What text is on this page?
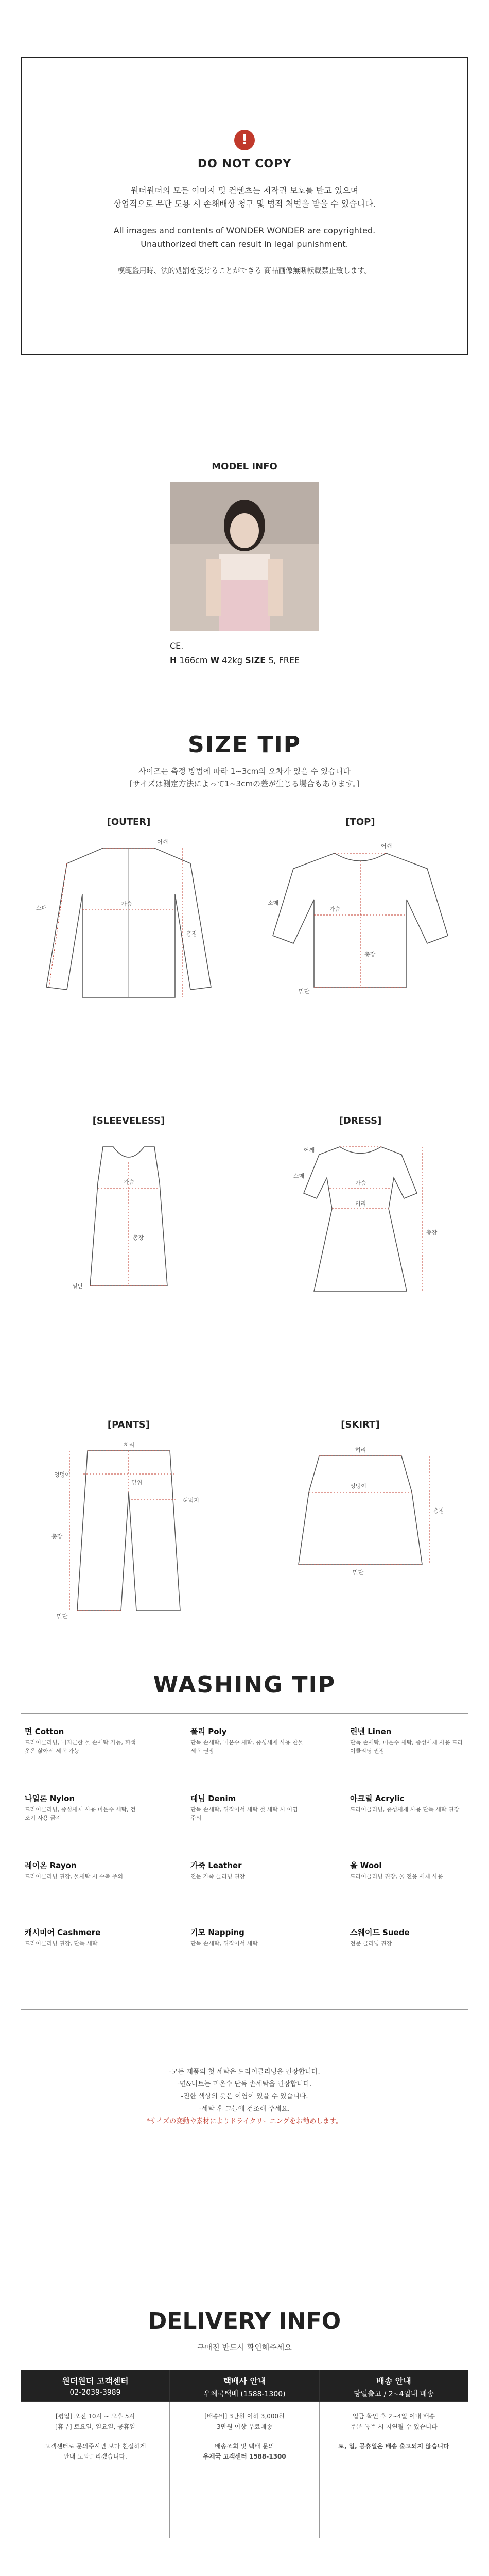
!
DO NOT COPY
원더원더의 모든 이미지 및 컨텐츠는 저작권 보호를 받고 있으며
상업적으로 무단 도용 시 손해배상 청구 및 법적 처벌을 받을 수 있습니다.
All images and contents of WONDER WONDER are copyrighted.
Unauthorized theft can result in legal punishment.
模範盗用時、法的処罰を受けることができる 商品画像無断転載禁止致します。
MODEL INFO
CE.
H 166cm W 42kg SIZE S, FREE
SIZE TIP
사이즈는 측정 방법에 따라 1~3cm의 오차가 있을 수 있습니다
[サイズは測定方法によって1~3cmの差が生じる場合もあります。]
[OUTER]
어깨
소매
가슴
총장
[TOP]
어깨
소매
가슴
총장
밑단
[SLEEVELESS]
가슴
총장
밑단
[DRESS]
어깨
소매
가슴
허리
총장
[PANTS]
허리
밑위
엉덩이
허벅지
총장
밑단
[SKIRT]
허리
엉덩이
총장
밑단
WASHING TIP
면 Cotton
드라이클리닝, 미지근한 물 손세탁 가능, 흰색 옷은 삶아서 세탁 가능
폴리 Poly
단독 손세탁, 미온수 세탁, 중성세제 사용 찬물 세탁 권장
린넨 Linen
단독 손세탁, 미온수 세탁, 중성세제 사용 드라이클리닝 권장
나일론 Nylon
드라이클리닝, 중성세제 사용 미온수 세탁, 건조기 사용 금지
데님 Denim
단독 손세탁, 뒤집어서 세탁 첫 세탁 시 이염 주의
아크릴 Acrylic
드라이클리닝, 중성세제 사용 단독 세탁 권장
레이온 Rayon
드라이클리닝 권장, 물세탁 시 수축 주의
가죽 Leather
전문 가죽 클리닝 권장
울 Wool
드라이클리닝 권장, 울 전용 세제 사용
캐시미어 Cashmere
드라이클리닝 권장, 단독 세탁
기모 Napping
단독 손세탁, 뒤집어서 세탁
스웨이드 Suede
전문 클리닝 권장
-모든 제품의 첫 세탁은 드라이클리닝을 권장합니다.
-면&니트는 미온수 단독 손세탁을 권장합니다.
-진한 색상의 옷은 이염이 있을 수 있습니다.
-세탁 후 그늘에 건조해 주세요.
*サイズの変動や素材によりドライクリーニングをお勧めします。
DELIVERY INFO
구매전 반드시 확인해주세요
원더원더 고객센터
02-2039-3989
[평일] 오전 10시 ~ 오후 5시
[휴무] 토요일, 일요일, 공휴일
고객센터로 문의주시면 보다 친절하게
안내 도와드리겠습니다.
택배사 안내
우체국택배 (1588-1300)
[배송비] 3만원 이하 3,000원
3만원 이상 무료배송
배송조회 및 택배 문의
우체국 고객센터 1588-1300
배송 안내
당일출고 / 2~4일내 배송
입금 확인 후 2~4일 이내 배송
주문 폭주 시 지연될 수 있습니다
토, 일, 공휴일은 배송 출고되지 않습니다
